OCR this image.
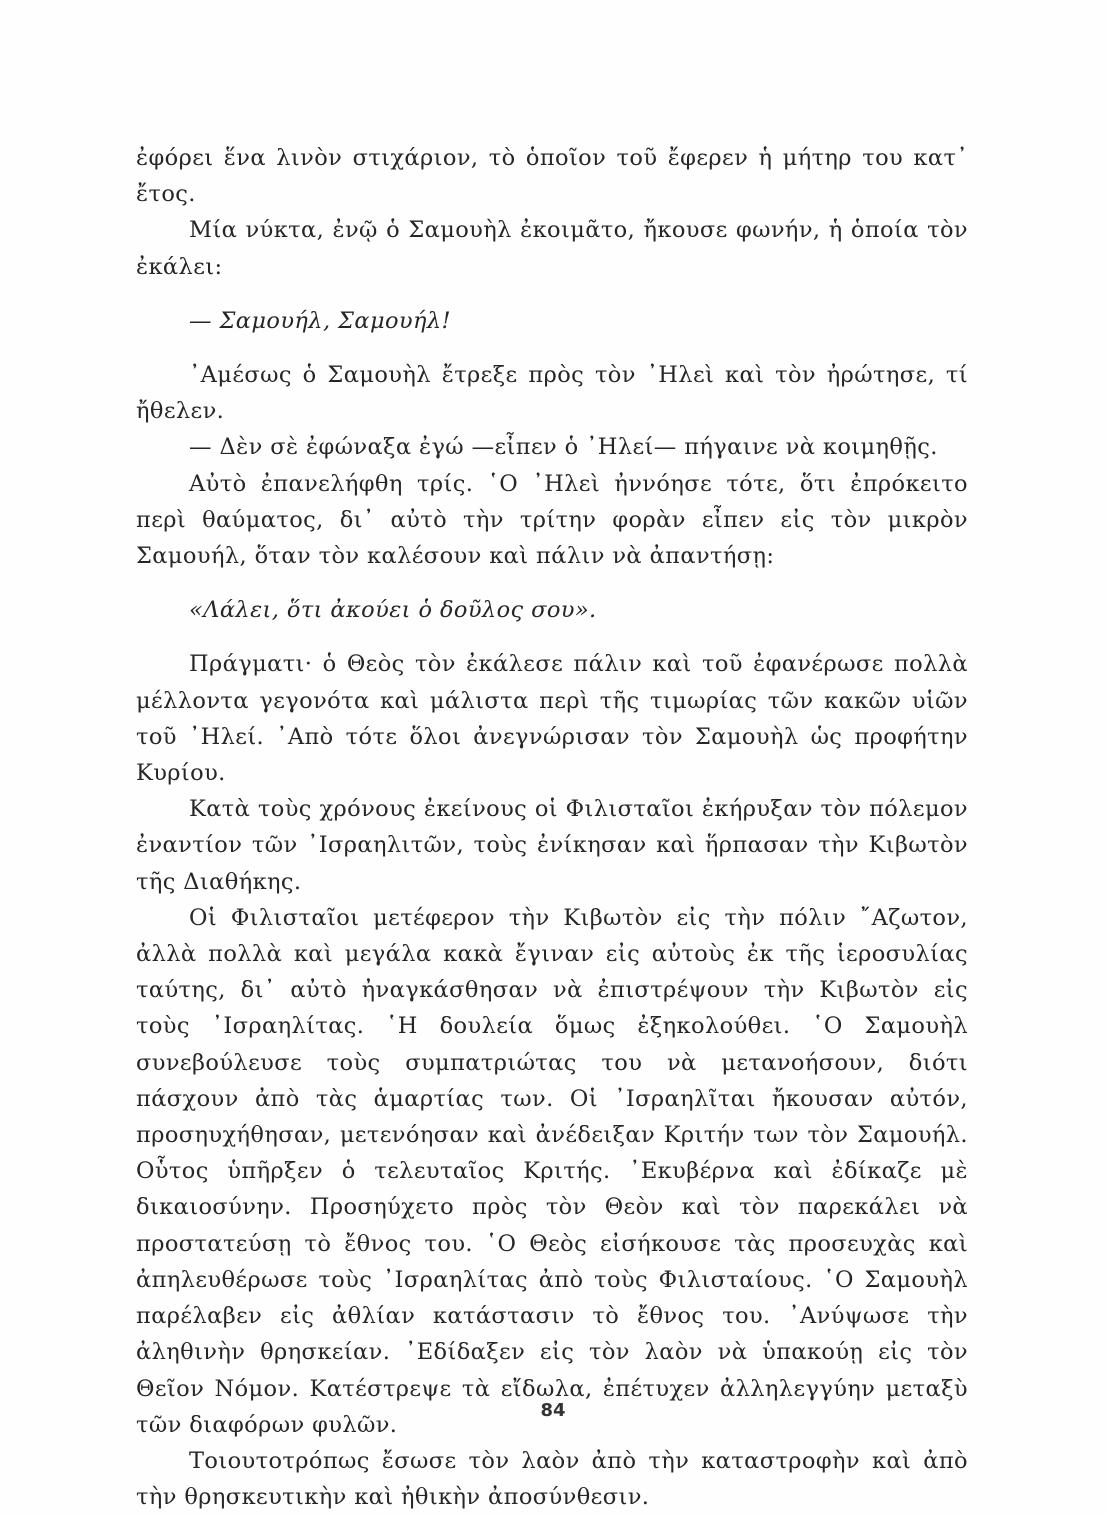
ἐφόρει ἕνα λινὸν στιχάριον, τὸ ὁποῖον τοῦ ἔφερεν ἡ μήτηρ του κατ᾽ ἔτος.

Μία νύκτα, ἐνῷ ὁ Σαμουὴλ ἐκοιμᾶτο, ἤκουσε φωνήν, ἡ ὁποία τὸν ἐκάλει:

— Σαμουήλ, Σαμουήλ!

᾿Αμέσως ὁ Σαμουὴλ ἔτρεξε πρὸς τὸν ᾿Ηλεὶ καὶ τὸν ἠρώτησε, τί ἤθελεν.

— Δὲν σὲ ἐφώναξα ἐγώ —εἶπεν ὁ ᾿Ηλεί— πήγαινε νὰ κοιμηθῇς.

Αὐτὸ ἐπανελήφθη τρίς. ῾Ο ᾿Ηλεὶ ἠννόησε τότε, ὅτι ἐπρόκειτο περὶ θαύματος, δι᾽ αὐτὸ τὴν τρίτην φορὰν εἶπεν εἰς τὸν μικρὸν Σαμουήλ, ὅταν τὸν καλέσουν καὶ πάλιν νὰ ἀπαντήσῃ:

«Λάλει, ὅτι ἀκούει ὁ δοῦλος σου».

Πράγματι· ὁ Θεὸς τὸν ἐκάλεσε πάλιν καὶ τοῦ ἐφανέρωσε πολλὰ μέλλοντα γεγονότα καὶ μάλιστα περὶ τῆς τιμωρίας τῶν κακῶν υἱῶν τοῦ ᾿Ηλεί. ᾿Απὸ τότε ὅλοι ἀνεγνώρισαν τὸν Σαμουὴλ ὡς προφήτην Κυρίου.

Κατὰ τοὺς χρόνους ἐκείνους οἱ Φιλισταῖοι ἐκήρυξαν τὸν πόλεμον ἐναντίον τῶν ᾿Ισραηλιτῶν, τοὺς ἐνίκησαν καὶ ἥρπασαν τὴν Κιβωτὸν τῆς Διαθήκης.

Οἱ Φιλισταῖοι μετέφερον τὴν Κιβωτὸν εἰς τὴν πόλιν ῎Αζωτον, ἀλλὰ πολλὰ καὶ μεγάλα κακὰ ἔγιναν εἰς αὐτοὺς ἐκ τῆς ἱεροσυλίας ταύτης, δι᾽ αὐτὸ ἠναγκάσθησαν νὰ ἐπιστρέψουν τὴν Κιβωτὸν εἰς τοὺς ᾿Ισραηλίτας. ῾Η δουλεία ὅμως ἐξηκολούθει. ῾Ο Σαμουὴλ συνεβούλευσε τοὺς συμπατριώτας του νὰ μετανοήσουν, διότι πάσχουν ἀπὸ τὰς ἁμαρτίας των. Οἱ ᾿Ισραηλῖται ἤκουσαν αὐτόν, προσηυχήθησαν, μετενόησαν καὶ ἀνέδειξαν Κριτήν των τὸν Σαμουήλ. Οὗτος ὑπῆρξεν ὁ τελευταῖος Κριτής. ᾿Εκυβέρνα καὶ ἐδίκαζε μὲ δικαιοσύνην. Προσηύχετο πρὸς τὸν Θεὸν καὶ τὸν παρεκάλει νὰ προστατεύσῃ τὸ ἔθνος του. ῾Ο Θεὸς εἰσήκουσε τὰς προσευχὰς καὶ ἀπηλευθέρωσε τοὺς ᾿Ισραηλίτας ἀπὸ τοὺς Φιλισταίους. ῾Ο Σαμουὴλ παρέλαβεν εἰς ἀθλίαν κατάστασιν τὸ ἔθνος του. ᾿Ανύψωσε τὴν ἀληθινὴν θρησκείαν. ᾿Εδίδαξεν εἰς τὸν λαὸν νὰ ὑπακούῃ εἰς τὸν Θεῖον Νόμον. Κατέστρεψε τὰ εἴδωλα, ἐπέτυχεν ἀλληλεγγύην μεταξὺ τῶν διαφόρων φυλῶν.

Τοιουτοτρόπως ἔσωσε τὸν λαὸν ἀπὸ τὴν καταστροφὴν καὶ ἀπὸ τὴν θρησκευτικὴν καὶ ἠθικὴν ἀποσύνθεσιν.

84
